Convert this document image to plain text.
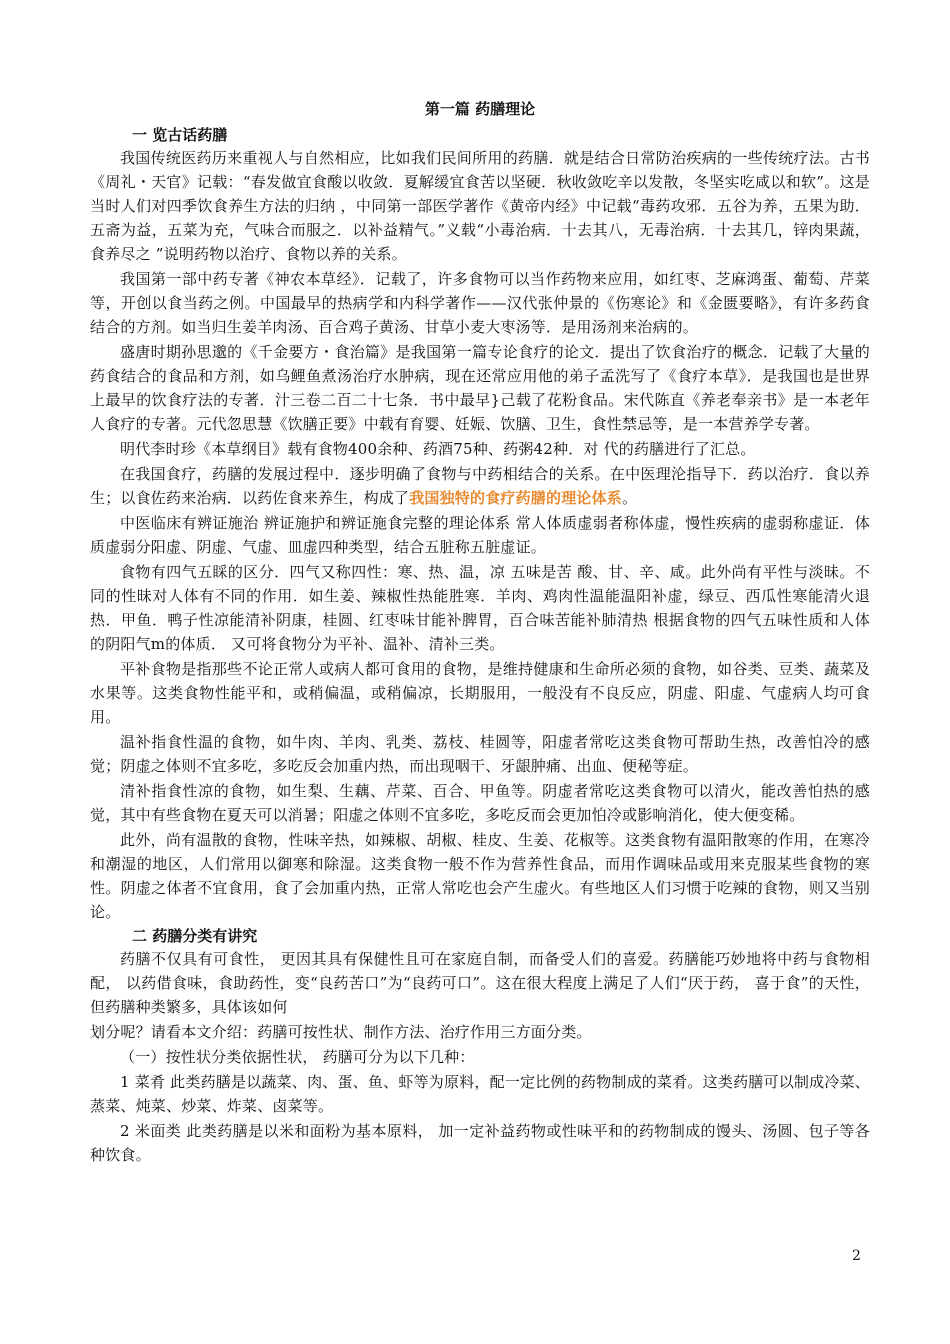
第一篇 药膳理论

一 览古话药膳

我国传统医药历来重视人与自然相应，比如我们民间所用的药膳．就是结合日常防治疾病的一些传统疗法。古书《周礼・天官》记载：“春发做宜食酸以收敛．夏解缓宜食苦以坚硬．秋收敛吃辛以发散，冬坚实吃咸以和软”。这是当时人们对四季饮食养生方法的归纳 ，中同第一部医学著作《黄帝内经》中记载“毒药攻邪．五谷为养，五果为助．五斋为益，五菜为充，气味合而服之．以补益精气。”义载“小毒治病．十去其八，无毒治病．十去其几，锌肉果蔬，食养尽之 ”说明药物以治疗、食物以养的关系。

我国第一部中药专著《神农本草经》．记载了，许多食物可以当作药物来应用，如红枣、芝麻鸿蛋、葡萄、芹菜等，开创以食当药之例。中国最早的热病学和内科学著作——汉代张仲景的《伤寒论》和《金匮要略》，有许多药食结合的方剂。如当归生姜羊肉汤、百合鸡子黄汤、甘草小麦大枣汤等．是用汤剂来治病的。

盛唐时期孙思邈的《千金要方・食治篇》是我国第一篇专论食疗的论文．提出了饮食治疗的概念．记载了大量的药食结合的食品和方剂，如乌鲤鱼煮汤治疗水肿病，现在还常应用他的弟子孟洗写了《食疗本草》．是我国也是世界上最早的饮食疗法的专著．汁三卷二百二十七条．书中最早}己载了花粉食品。宋代陈直《养老奉亲书》是一本老年人食疗的专著。元代忽思慧《饮膳正要》中载有育婴、妊娠、饮膳、卫生，食性禁忌等，是一本营养学专著。

明代李时珍《本草纲目》载有食物400余种、药酒75种、药粥42种．对 代的药膳进行了汇总。

在我国食疗，药膳的发展过程中．逐步明确了食物与中药相结合的关系。在中医理沦指导下．药以治疗．食以养生；以食佐药来治病．以药佐食来养生，构成了我国独特的食疗药膳的理论体系。

中医临床有辨证施治 辨证施护和辨证施食完整的理论体系 常人体质虚弱者称体虚，慢性疾病的虚弱称虚证．体质虚弱分阳虚、阴虚、气虚、皿虚四种类型，结合五脏称五脏虚证。

食物有四气五睬的区分．四气又称四性：寒、热、温，凉 五味是苦 酸、甘、辛、咸。此外尚有平性与淡昧。不同的性昧对人体有不同的作用．如生姜、辣椒性热能胜寒．羊肉、鸡肉性温能温阳补虚，绿豆、西瓜性寒能清火退热．甲鱼．鸭子性凉能清补阴康，桂圆、红枣味甘能补脾胃，百合味苦能补肺清热 根据食物的四气五味性质和人体的阴阳气m的体质． 又可将食物分为平补、温补、清补三类。

平补食物是指那些不论正常人或病人都可食用的食物，是维持健康和生命所必须的食物，如谷类、豆类、蔬菜及水果等。这类食物性能平和，或稍偏温，或稍偏凉，长期服用，一般没有不良反应，阴虚、阳虚、气虚病人均可食用。

温补指食性温的食物，如牛肉、羊肉、乳类、荔枝、桂圆等，阳虚者常吃这类食物可帮助生热，改善怕冷的感觉；阴虚之体则不宜多吃，多吃反会加重内热，而出现咽干、牙龈肿痛、出血、便秘等症。

清补指食性凉的食物，如生梨、生藕、芹菜、百合、甲鱼等。阴虚者常吃这类食物可以清火，能改善怕热的感觉，其中有些食物在夏天可以消暑；阳虚之体则不宜多吃，多吃反而会更加怕冷或影响消化，使大便变稀。

此外，尚有温散的食物，性味辛热，如辣椒、胡椒、桂皮、生姜、花椒等。这类食物有温阳散寒的作用，在寒冷和潮湿的地区，人们常用以御寒和除湿。这类食物一般不作为营养性食品，而用作调味品或用来克服某些食物的寒性。阴虚之体者不宜食用，食了会加重内热，正常人常吃也会产生虚火。有些地区人们习惯于吃辣的食物，则又当别论。

二 药膳分类有讲究

药膳不仅具有可食性， 更因其具有保健性且可在家庭自制，而备受人们的喜爱。药膳能巧妙地将中药与食物相配， 以药借食味，食助药性，变“良药苦口”为“良药可口”。这在很大程度上满足了人们“厌于药， 喜于食”的天性，但药膳种类繁多，具体该如何

划分呢？请看本文介绍：药膳可按性状、制作方法、治疗作用三方面分类。

（一）按性状分类依据性状， 药膳可分为以下几种：

1 菜肴 此类药膳是以蔬菜、肉、蛋、鱼、虾等为原料，配一定比例的药物制成的菜肴。这类药膳可以制成冷菜、蒸菜、炖菜、炒菜、炸菜、卤菜等。

2 米面类 此类药膳是以米和面粉为基本原料， 加一定补益药物或性味平和的药物制成的馒头、汤圆、包子等各种饮食。

2
